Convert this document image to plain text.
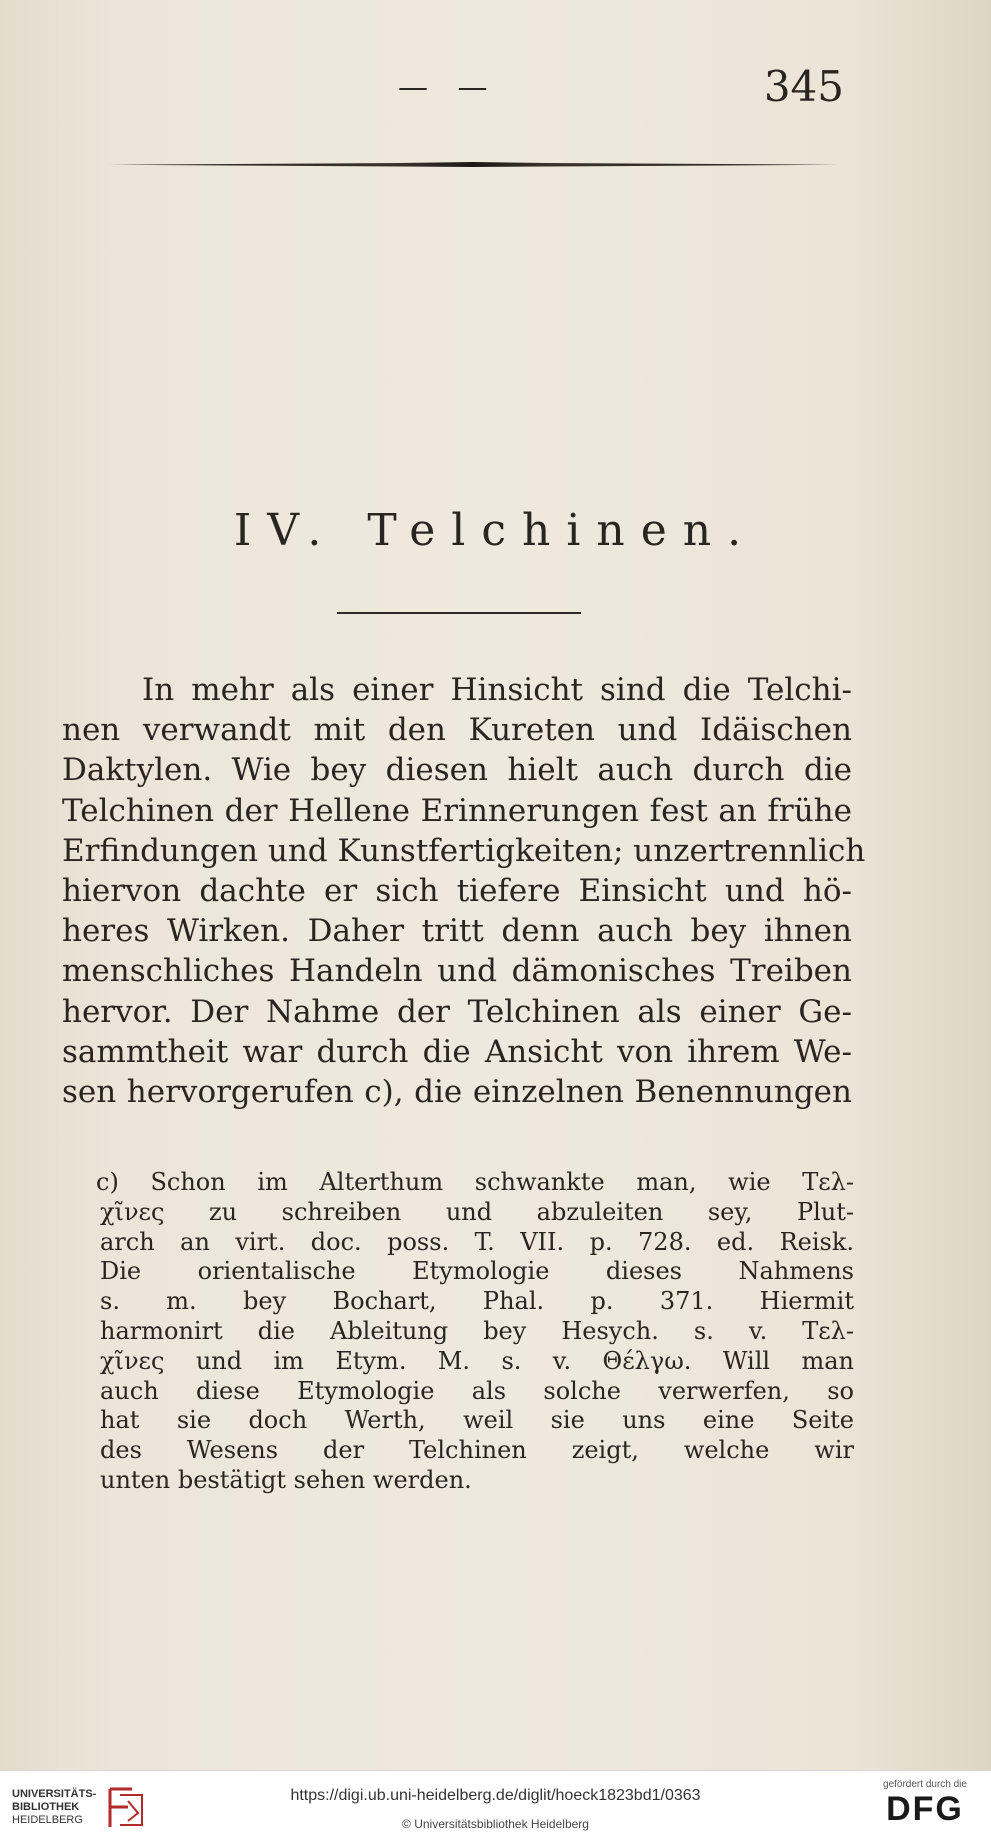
— —	345
IV. Telchinen.
In mehr als einer Hinsicht sind die Telchi-
nen verwandt mit den Kureten und Idäischen
Daktylen. Wie bey diesen hielt auch durch die
Telchinen der Hellene Erinnerungen fest an frühe
Erfindungen und Kunstfertigkeiten; unzertrennlich
hiervon dachte er sich tiefere Einsicht und hö-
heres Wirken. Daher tritt denn auch bey ihnen
menschliches Handeln und dämonisches Treiben
hervor. Der Nahme der Telchinen als einer Ge-
sammtheit war durch die Ansicht von ihrem We-
sen hervorgerufen c), die einzelnen Benennungen
c) Schon im Alterthum schwankte man, wie Τελ-
χῖνες zu schreiben und abzuleiten sey, Plut-
arch an virt. doc. poss. T. VII. p. 728. ed. Reisk.
Die orientalische Etymologie dieses Nahmens
s. m. bey Bochart, Phal. p. 371. Hiermit
harmonirt die Ableitung bey Hesych. s. v. Τελ-
χῖνες und im Etym. M. s. v. Θέλγω. Will man
auch diese Etymologie als solche verwerfen, so
hat sie doch Werth, weil sie uns eine Seite
des Wesens der Telchinen zeigt, welche wir
unten bestätigt sehen werden.
UNIVERSITÄTS-
BIBLIOTHEK
HEIDELBERG
https://digi.ub.uni-heidelberg.de/diglit/hoeck1823bd1/0363
© Universitätsbibliothek Heidelberg
gefördert durch die
DFG
